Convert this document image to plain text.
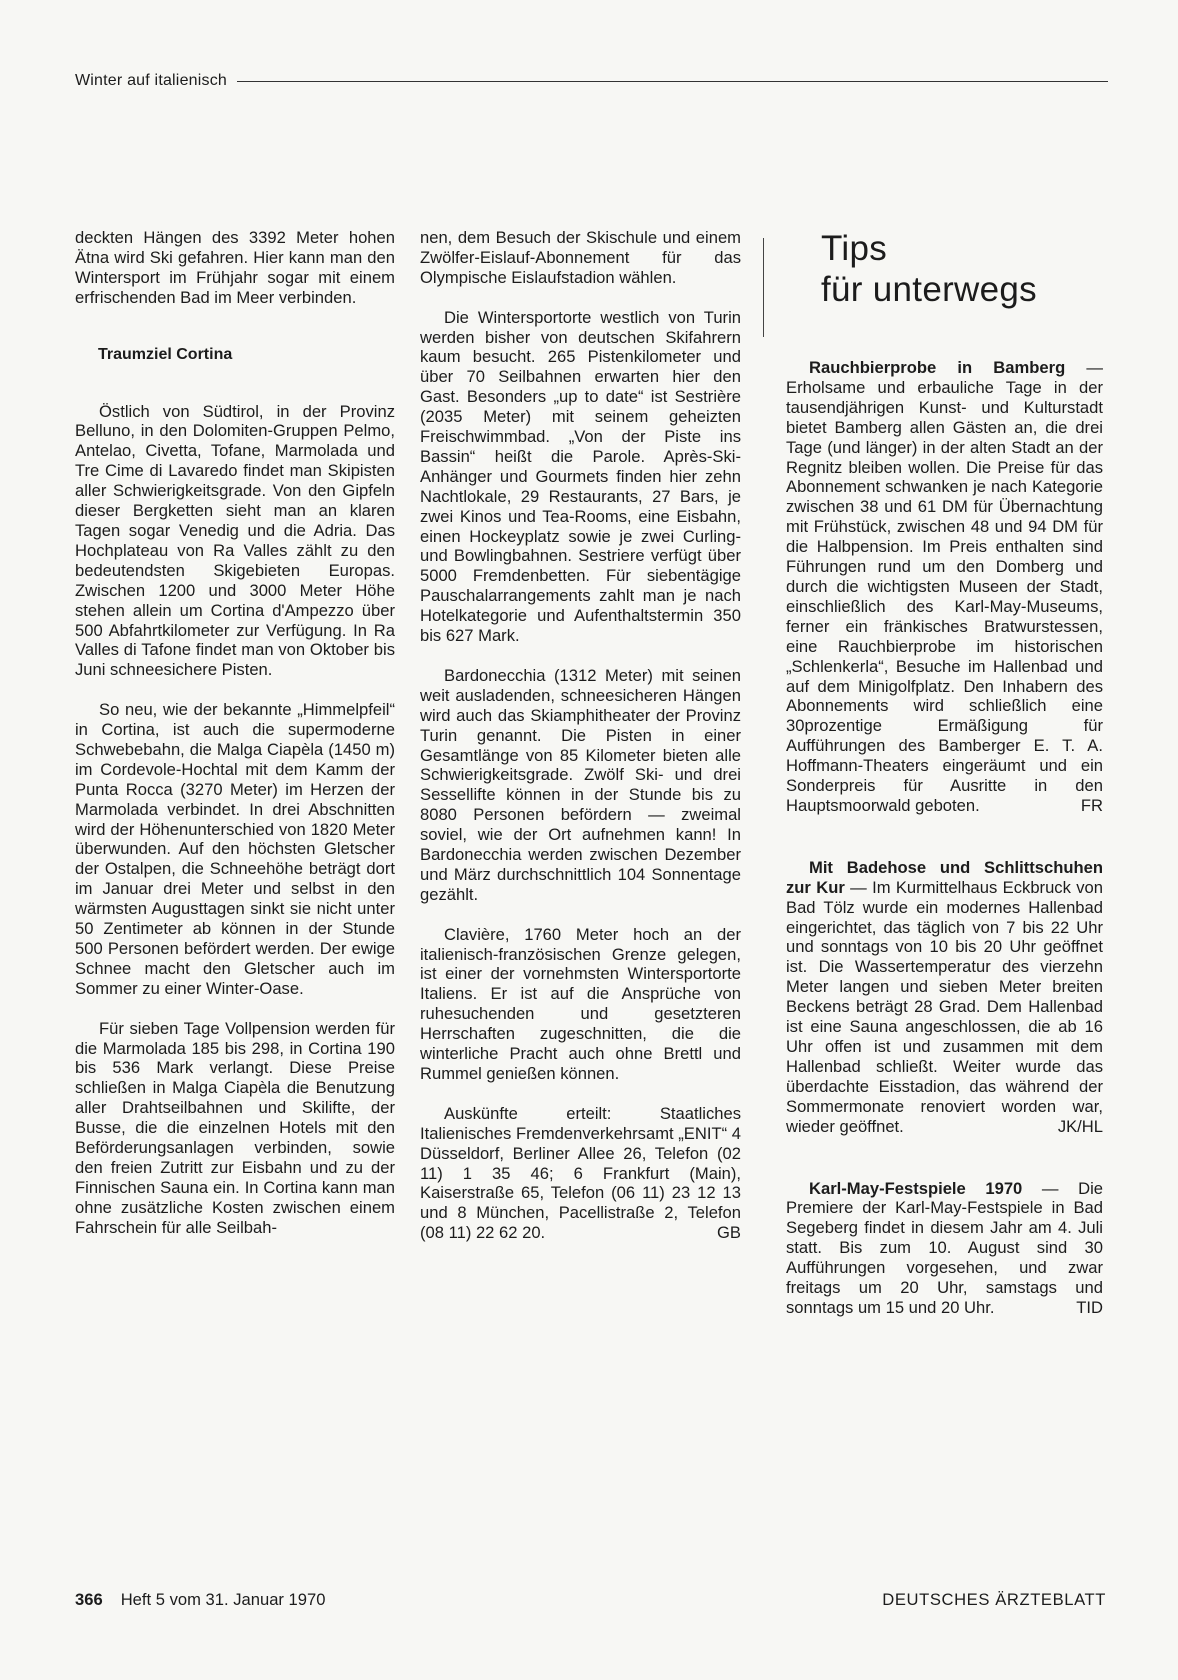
Winter auf italienisch

deckten Hängen des 3392 Meter hohen Ätna wird Ski gefahren. Hier kann man den Wintersport im Frühjahr sogar mit einem erfrischenden Bad im Meer verbinden.

Traumziel Cortina

Östlich von Südtirol, in der Provinz Belluno, in den Dolomiten-Gruppen Pelmo, Antelao, Civetta, Tofane, Marmolada und Tre Cime di Lavaredo findet man Skipisten aller Schwierigkeitsgrade. Von den Gipfeln dieser Bergketten sieht man an klaren Tagen sogar Venedig und die Adria. Das Hochplateau von Ra Valles zählt zu den bedeutendsten Skigebieten Europas. Zwischen 1200 und 3000 Meter Höhe stehen allein um Cortina d'Ampezzo über 500 Abfahrtkilometer zur Verfügung. In Ra Valles di Tafone findet man von Oktober bis Juni schneesichere Pisten.

So neu, wie der bekannte „Himmelpfeil“ in Cortina, ist auch die supermoderne Schwebebahn, die Malga Ciapèla (1450 m) im Cordevole-Hochtal mit dem Kamm der Punta Rocca (3270 Meter) im Herzen der Marmolada verbindet. In drei Abschnitten wird der Höhenunterschied von 1820 Meter überwunden. Auf den höchsten Gletscher der Ostalpen, die Schneehöhe beträgt dort im Januar drei Meter und selbst in den wärmsten Augusttagen sinkt sie nicht unter 50 Zentimeter ab können in der Stunde 500 Personen befördert werden. Der ewige Schnee macht den Gletscher auch im Sommer zu einer Winter-Oase.

Für sieben Tage Vollpension werden für die Marmolada 185 bis 298, in Cortina 190 bis 536 Mark verlangt. Diese Preise schließen in Malga Ciapèla die Benutzung aller Drahtseilbahnen und Skilifte, der Busse, die die einzelnen Hotels mit den Beförderungsanlagen verbinden, sowie den freien Zutritt zur Eisbahn und zu der Finnischen Sauna ein. In Cortina kann man ohne zusätzliche Kosten zwischen einem Fahrschein für alle Seilbah-

nen, dem Besuch der Skischule und einem Zwölfer-Eislauf-Abonnement für das Olympische Eislaufstadion wählen.

Die Wintersportorte westlich von Turin werden bisher von deutschen Skifahrern kaum besucht. 265 Pistenkilometer und über 70 Seilbahnen erwarten hier den Gast. Besonders „up to date“ ist Sestrière (2035 Meter) mit seinem geheizten Freischwimmbad. „Von der Piste ins Bassin“ heißt die Parole. Après-Ski-Anhänger und Gourmets finden hier zehn Nachtlokale, 29 Restaurants, 27 Bars, je zwei Kinos und Tea-Rooms, eine Eisbahn, einen Hockeyplatz sowie je zwei Curling- und Bowlingbahnen. Sestriere verfügt über 5000 Fremdenbetten. Für siebentägige Pauschalarrangements zahlt man je nach Hotelkategorie und Aufenthaltstermin 350 bis 627 Mark.

Bardonecchia (1312 Meter) mit seinen weit ausladenden, schneesicheren Hängen wird auch das Skiamphitheater der Provinz Turin genannt. Die Pisten in einer Gesamtlänge von 85 Kilometer bieten alle Schwierigkeitsgrade. Zwölf Ski- und drei Sessellifte können in der Stunde bis zu 8080 Personen befördern — zweimal soviel, wie der Ort aufnehmen kann! In Bardonecchia werden zwischen Dezember und März durchschnittlich 104 Sonnentage gezählt.

Clavière, 1760 Meter hoch an der italienisch-französischen Grenze gelegen, ist einer der vornehmsten Wintersportorte Italiens. Er ist auf die Ansprüche von ruhesuchenden und gesetzteren Herrschaften zugeschnitten, die die winterliche Pracht auch ohne Brettl und Rummel genießen können.

Auskünfte erteilt: Staatliches Italienisches Fremdenverkehrsamt „ENIT“ 4 Düsseldorf, Berliner Allee 26, Telefon (02 11) 1 35 46; 6 Frankfurt (Main), Kaiserstraße 65, Telefon (06 11) 23 12 13 und 8 München, Pacellistraße 2, Telefon (08 11) 22 62 20.	GB

Tips
für unterwegs

Rauchbierprobe in Bamberg — Erholsame und erbauliche Tage in der tausendjährigen Kunst- und Kulturstadt bietet Bamberg allen Gästen an, die drei Tage (und länger) in der alten Stadt an der Regnitz bleiben wollen. Die Preise für das Abonnement schwanken je nach Kategorie zwischen 38 und 61 DM für Übernachtung mit Frühstück, zwischen 48 und 94 DM für die Halbpension. Im Preis enthalten sind Führungen rund um den Domberg und durch die wichtigsten Museen der Stadt, einschließlich des Karl-May-Museums, ferner ein fränkisches Bratwurstessen, eine Rauchbierprobe im historischen „Schlenkerla“, Besuche im Hallenbad und auf dem Minigolfplatz. Den Inhabern des Abonnements wird schließlich eine 30prozentige Ermäßigung für Aufführungen des Bamberger E. T. A. Hoffmann-Theaters eingeräumt und ein Sonderpreis für Ausritte in den Hauptsmoorwald geboten.	FR

Mit Badehose und Schlittschuhen zur Kur — Im Kurmittelhaus Eckbruck von Bad Tölz wurde ein modernes Hallenbad eingerichtet, das täglich von 7 bis 22 Uhr und sonntags von 10 bis 20 Uhr geöffnet ist. Die Wassertemperatur des vierzehn Meter langen und sieben Meter breiten Beckens beträgt 28 Grad. Dem Hallenbad ist eine Sauna angeschlossen, die ab 16 Uhr offen ist und zusammen mit dem Hallenbad schließt. Weiter wurde das überdachte Eisstadion, das während der Sommermonate renoviert worden war, wieder geöffnet.	JK/HL

Karl-May-Festspiele 1970 — Die Premiere der Karl-May-Festspiele in Bad Segeberg findet in diesem Jahr am 4. Juli statt. Bis zum 10. August sind 30 Aufführungen vorgesehen, und zwar freitags um 20 Uhr, samstags und sonntags um 15 und 20 Uhr.	TID

366 Heft 5 vom 31. Januar 1970	DEUTSCHES ÄRZTEBLATT
